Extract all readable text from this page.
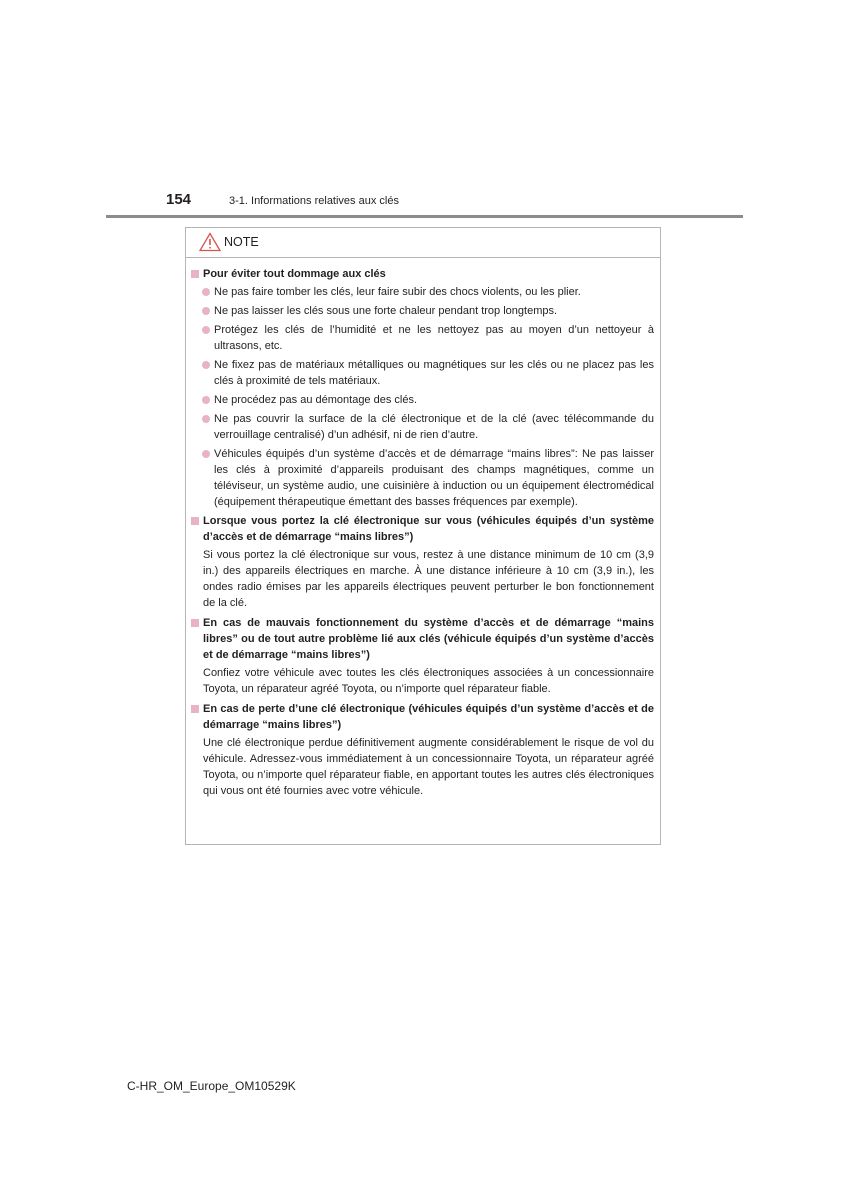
154	3-1. Informations relatives aux clés
NOTE
Pour éviter tout dommage aux clés
Ne pas faire tomber les clés, leur faire subir des chocs violents, ou les plier.
Ne pas laisser les clés sous une forte chaleur pendant trop longtemps.
Protégez les clés de l’humidité et ne les nettoyez pas au moyen d’un nettoyeur à ultrasons, etc.
Ne fixez pas de matériaux métalliques ou magnétiques sur les clés ou ne placez pas les clés à proximité de tels matériaux.
Ne procédez pas au démontage des clés.
Ne pas couvrir la surface de la clé électronique et de la clé (avec télécommande du verrouillage centralisé) d’un adhésif, ni de rien d’autre.
Véhicules équipés d’un système d’accès et de démarrage “mains libres”: Ne pas laisser les clés à proximité d’appareils produisant des champs magnétiques, comme un téléviseur, un système audio, une cuisinière à induction ou un équipement électromédical (équipement thérapeutique émettant des basses fréquences par exemple).
Lorsque vous portez la clé électronique sur vous (véhicules équipés d’un système d’accès et de démarrage “mains libres”)
Si vous portez la clé électronique sur vous, restez à une distance minimum de 10 cm (3,9 in.) des appareils électriques en marche. À une distance inférieure à 10 cm (3,9 in.), les ondes radio émises par les appareils électriques peuvent perturber le bon fonctionnement de la clé.
En cas de mauvais fonctionnement du système d’accès et de démarrage “mains libres” ou de tout autre problème lié aux clés (véhicule équipés d’un système d’accès et de démarrage “mains libres”)
Confiez votre véhicule avec toutes les clés électroniques associées à un concessionnaire Toyota, un réparateur agréé Toyota, ou n’importe quel réparateur fiable.
En cas de perte d’une clé électronique (véhicules équipés d’un système d’accès et de démarrage “mains libres”)
Une clé électronique perdue définitivement augmente considérablement le risque de vol du véhicule. Adressez-vous immédiatement à un concessionnaire Toyota, un réparateur agréé Toyota, ou n’importe quel réparateur fiable, en apportant toutes les autres clés électroniques qui vous ont été fournies avec votre véhicule.
C-HR_OM_Europe_OM10529K
